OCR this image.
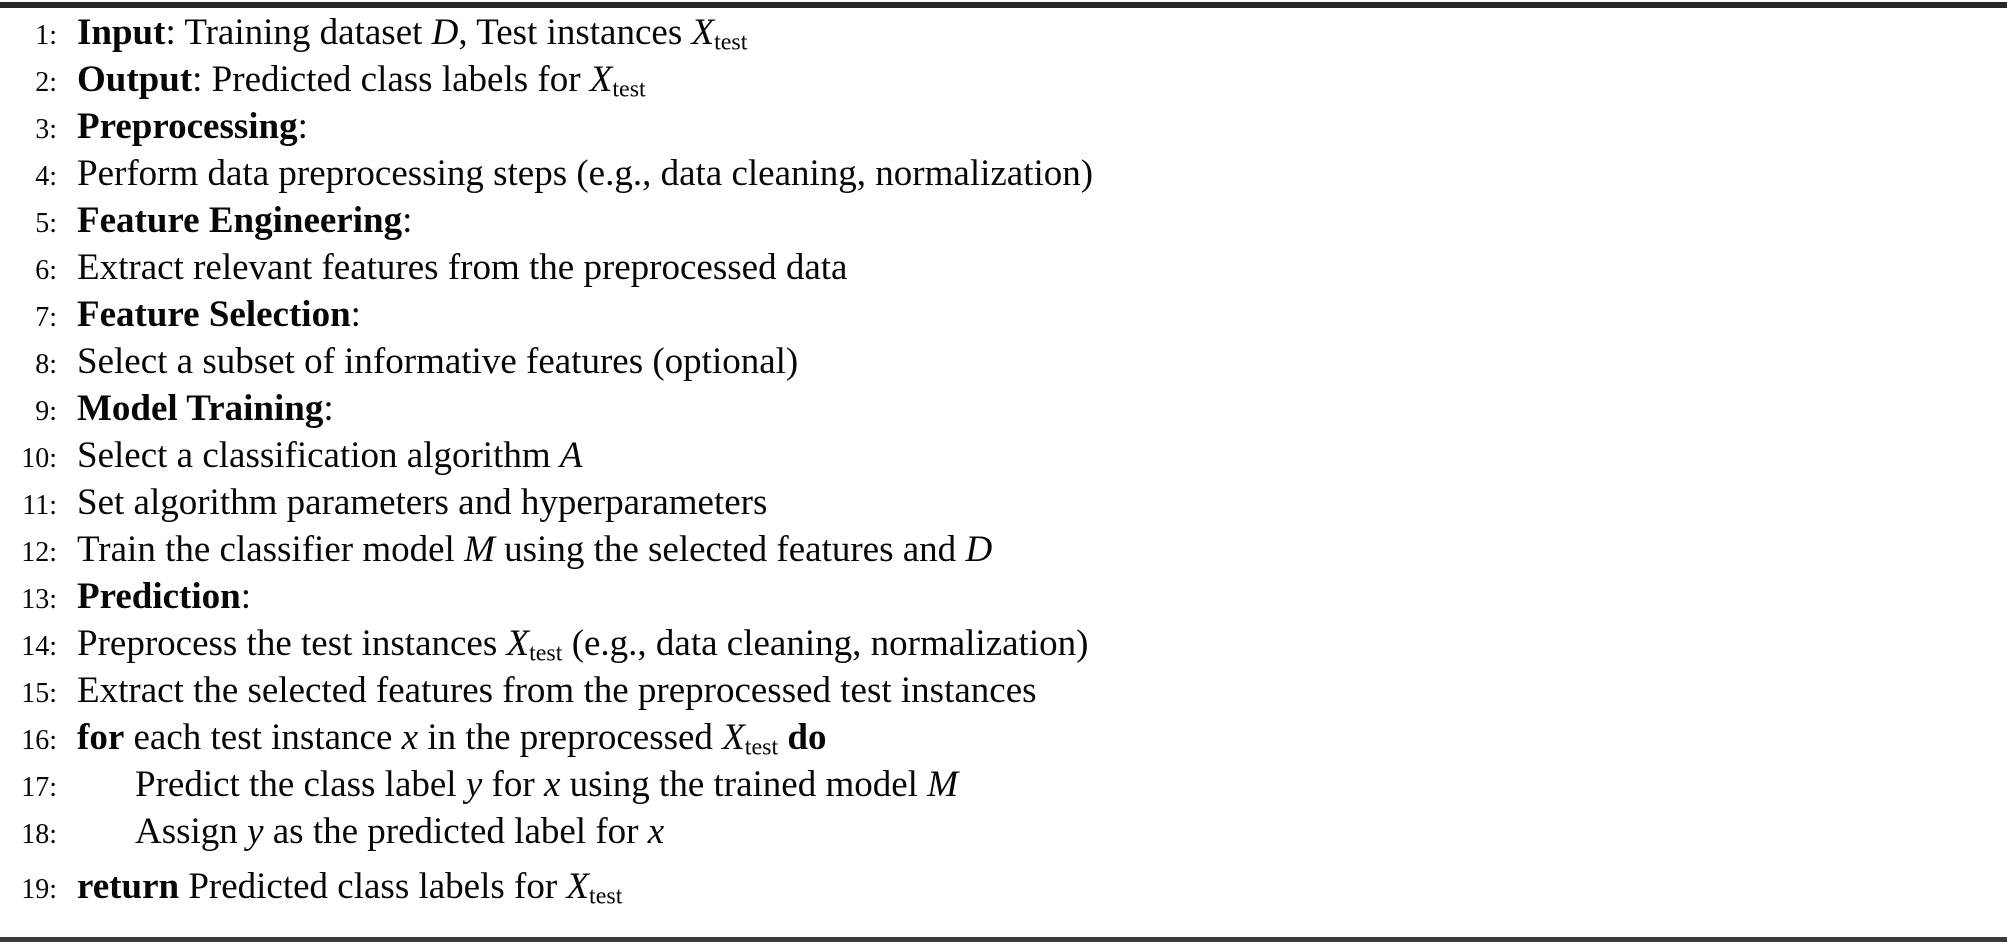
1: Input: Training dataset D, Test instances Xtest
2: Output: Predicted class labels for Xtest
3: Preprocessing:
4: Perform data preprocessing steps (e.g., data cleaning, normalization)
5: Feature Engineering:
6: Extract relevant features from the preprocessed data
7: Feature Selection:
8: Select a subset of informative features (optional)
9: Model Training:
10: Select a classification algorithm A
11: Set algorithm parameters and hyperparameters
12: Train the classifier model M using the selected features and D
13: Prediction:
14: Preprocess the test instances Xtest (e.g., data cleaning, normalization)
15: Extract the selected features from the preprocessed test instances
16: for each test instance x in the preprocessed Xtest do
17: Predict the class label y for x using the trained model M
18: Assign y as the predicted label for x
19: return Predicted class labels for Xtest
